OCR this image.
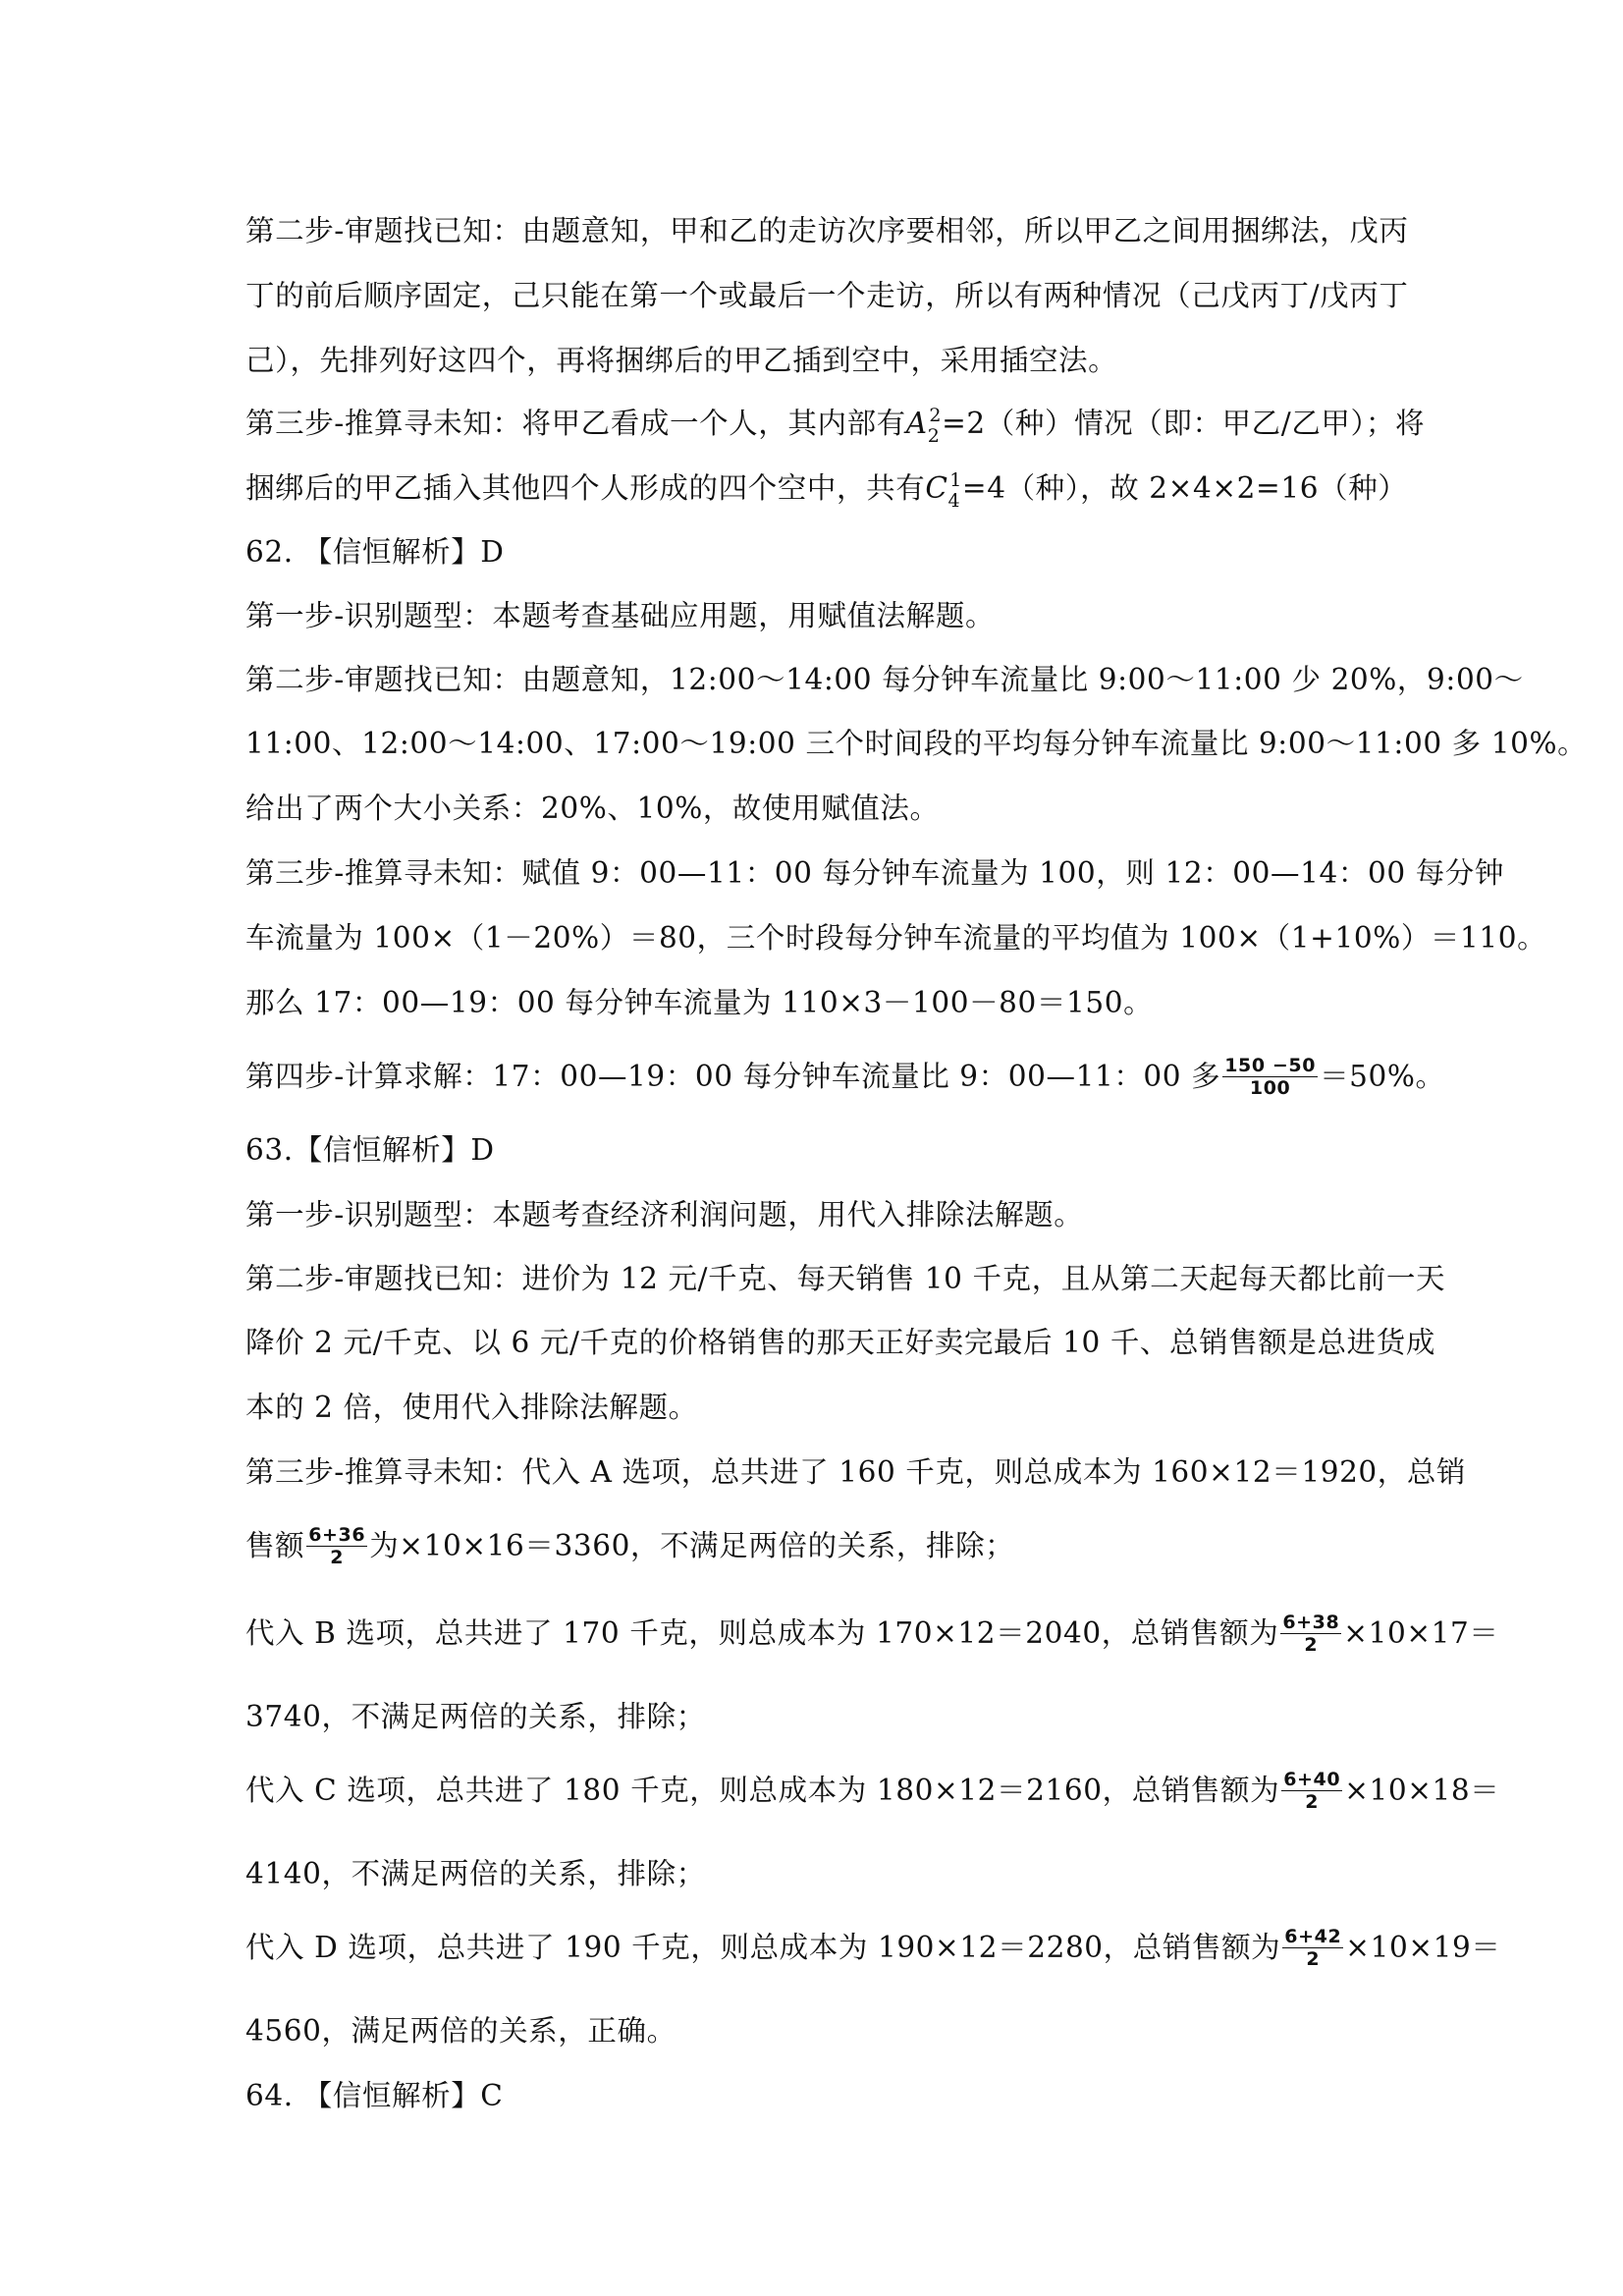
第二步-审题找已知：由题意知，甲和乙的走访次序要相邻，所以甲乙之间用捆绑法，戊丙
丁的前后顺序固定，己只能在第一个或最后一个走访，所以有两种情况（己戊丙丁/戊丙丁
己），先排列好这四个，再将捆绑后的甲乙插到空中，采用插空法。
第三步-推算寻未知：将甲乙看成一个人，其内部有$A_2^2=2$（种）情况（即：甲乙/乙甲）；将
捆绑后的甲乙插入其他四个人形成的四个空中，共有$C_4^1=4$（种），故 2×4×2=16（种）
62. 【信恒解析】D
第一步-识别题型：本题考查基础应用题，用赋值法解题。
第二步-审题找已知：由题意知，12:00～14:00 每分钟车流量比 9:00～11:00 少 20%，9:00～
11:00、12:00～14:00、17:00～19:00 三个时间段的平均每分钟车流量比 9:00～11:00 多 10%。
给出了两个大小关系：20%、10%，故使用赋值法。
第三步-推算寻未知：赋值 9：00—11：00 每分钟车流量为 100，则 12：00—14：00 每分钟
车流量为 100×（1－20%）＝80，三个时段每分钟车流量的平均值为 100×（1+10%）＝110。
那么 17：00—19：00 每分钟车流量为 110×3－100－80＝150。
第四步-计算求解：17：00—19：00 每分钟车流量比 9：00—11：00 多 $\frac{150 -50}{100} =50\%$。
63.【信恒解析】D
第一步-识别题型：本题考查经济利润问题，用代入排除法解题。
第二步-审题找已知：进价为 12 元/千克、每天销售 10 千克，且从第二天起每天都比前一天
降价 2 元/千克、以 6 元/千克的价格销售的那天正好卖完最后 10 千、总销售额是总进货成
本的 2 倍，使用代入排除法解题。
第三步-推算寻未知：代入 A 选项，总共进了 160 千克，则总成本为 160×12＝1920，总销
售额 $\frac{6+36}{2}$ 为×10×16＝3360，不满足两倍的关系，排除；
代入 B 选项，总共进了 170 千克，则总成本为 170×12＝2040，总销售额为 $\frac{6+38}{2} \times 10\times 17=$
3740，不满足两倍的关系，排除；
代入 C 选项，总共进了 180 千克，则总成本为 180×12＝2160，总销售额为 $\frac{6+40}{2} \times 10\times 18=$
4140，不满足两倍的关系，排除；
代入 D 选项，总共进了 190 千克，则总成本为 190×12＝2280，总销售额为 $\frac{6+42}{2} \times 10\times 19=$
4560，满足两倍的关系，正确。
64. 【信恒解析】C
